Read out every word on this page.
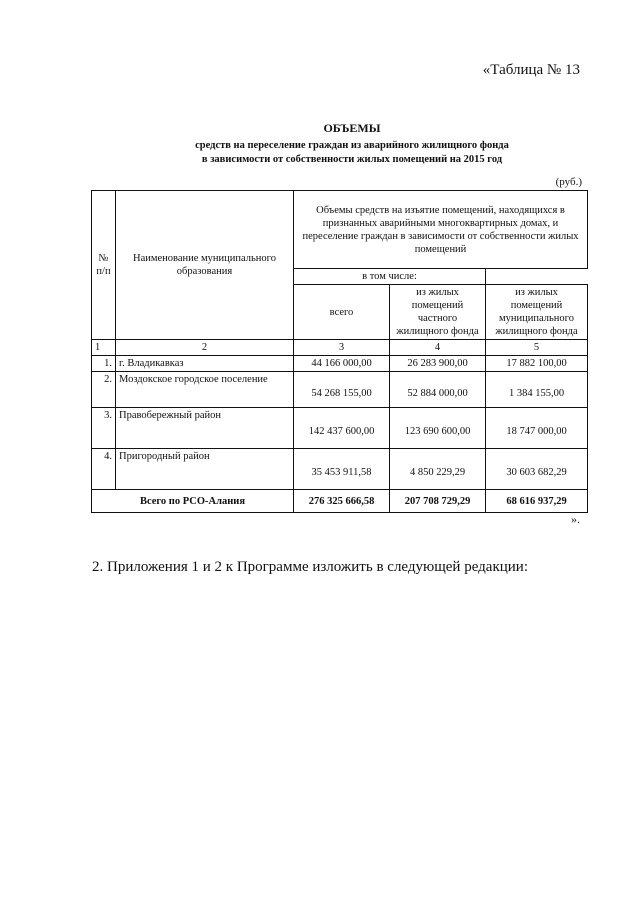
«Таблица № 13
ОБЪЕМЫ
средств на переселение граждан из аварийного жилищного фонда
в зависимости от собственности жилых помещений на 2015 год
(руб.)
№ п/п	Наименование муниципального образования	Объемы средств на изъятие помещений, находящихся в признанных аварийными многоквартирных домах, и переселение граждан в зависимости от собственности жилых помещений		
		в том числе:		
		всего	из жилых помещений частного жилищного фонда	из жилых помещений муниципального жилищного фонда
1	2	3	4	5
1.	г. Владикавказ	44 166 000,00	26 283 900,00	17 882 100,00
2.	Моздокское городское поселение	54 268 155,00	52 884 000,00	1 384 155,00
3.	Правобережный район	142 437 600,00	123 690 600,00	18 747 000,00
4.	Пригородный район	35 453 911,58	4 850 229,29	30 603 682,29
Всего по РСО-Алания		276 325 666,58	207 708 729,29	68 616 937,29
».
2. Приложения 1 и 2 к Программе изложить в следующей редакции:
